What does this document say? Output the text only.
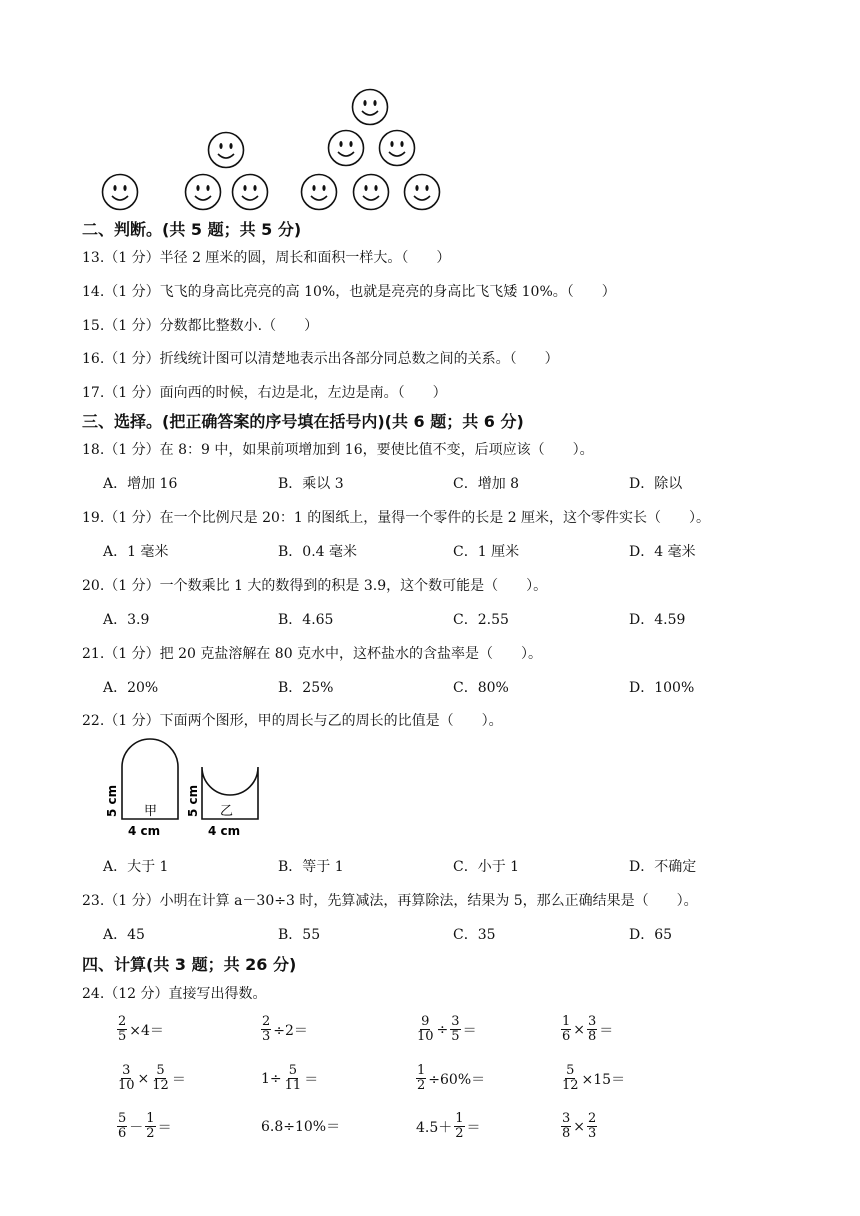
二、判断。(共 5 题；共 5 分)
13.（1 分）半径 2 厘米的圆，周长和面积一样大。（　　）
14.（1 分）飞飞的身高比亮亮的高 10%，也就是亮亮的身高比飞飞矮 10%。（　　）
15.（1 分）分数都比整数小.（　　）
16.（1 分）折线统计图可以清楚地表示出各部分同总数之间的关系。（　　）
17.（1 分）面向西的时候，右边是北，左边是南。（　　）
三、选择。(把正确答案的序号填在括号内)(共 6 题；共 6 分)
18.（1 分）在 8：9 中，如果前项增加到 16，要使比值不变，后项应该（　　）。
A．增加 16	B．乘以 3	C．增加 8	D．除以
19.（1 分）在一个比例尺是 20：1 的图纸上，量得一个零件的长是 2 厘米，这个零件实长（　　）。
A．1 毫米	B．0.4 毫米	C．1 厘米	D．4 毫米
20.（1 分）一个数乘比 1 大的数得到的积是 3.9，这个数可能是（　　）。
A．3.9	B．4.65	C．2.55	D．4.59
21.（1 分）把 20 克盐溶解在 80 克水中，这杯盐水的含盐率是（　　）。
A．20%	B．25%	C．80%	D．100%
22.（1 分）下面两个图形，甲的周长与乙的周长的比值是（　　）。
甲
5 cm
4 cm
乙
5 cm
4 cm
A．大于 1	B．等于 1	C．小于 1	D．不确定
23.（1 分）小明在计算 a－30÷3 时，先算减法，再算除法，结果为 5，那么正确结果是（　　）。
A．45	B．55	C．35	D．65
四、计算(共 3 题；共 26 分)
24.（12 分）直接写出得数。
$\frac{2}{5} \times 4=$	$\frac{2}{3} \div 2=$	$\frac{9}{10} \div \frac{3}{5}$ ＝	$\frac{1}{6} \times \frac{3}{8}$ ＝
$\frac{3}{10} \times \frac{5}{12}$ ＝	$1\div \frac{5}{11}$ ＝	$\frac{1}{2} \div 60\%=$	$\frac{5}{12} \times 15=$
$\frac{5}{6} - \frac{1}{2}$ ＝	6.8÷10%＝	$4.5+ \frac{1}{2}$ ＝	$\frac{3}{8} \times \frac{2}{3}$
